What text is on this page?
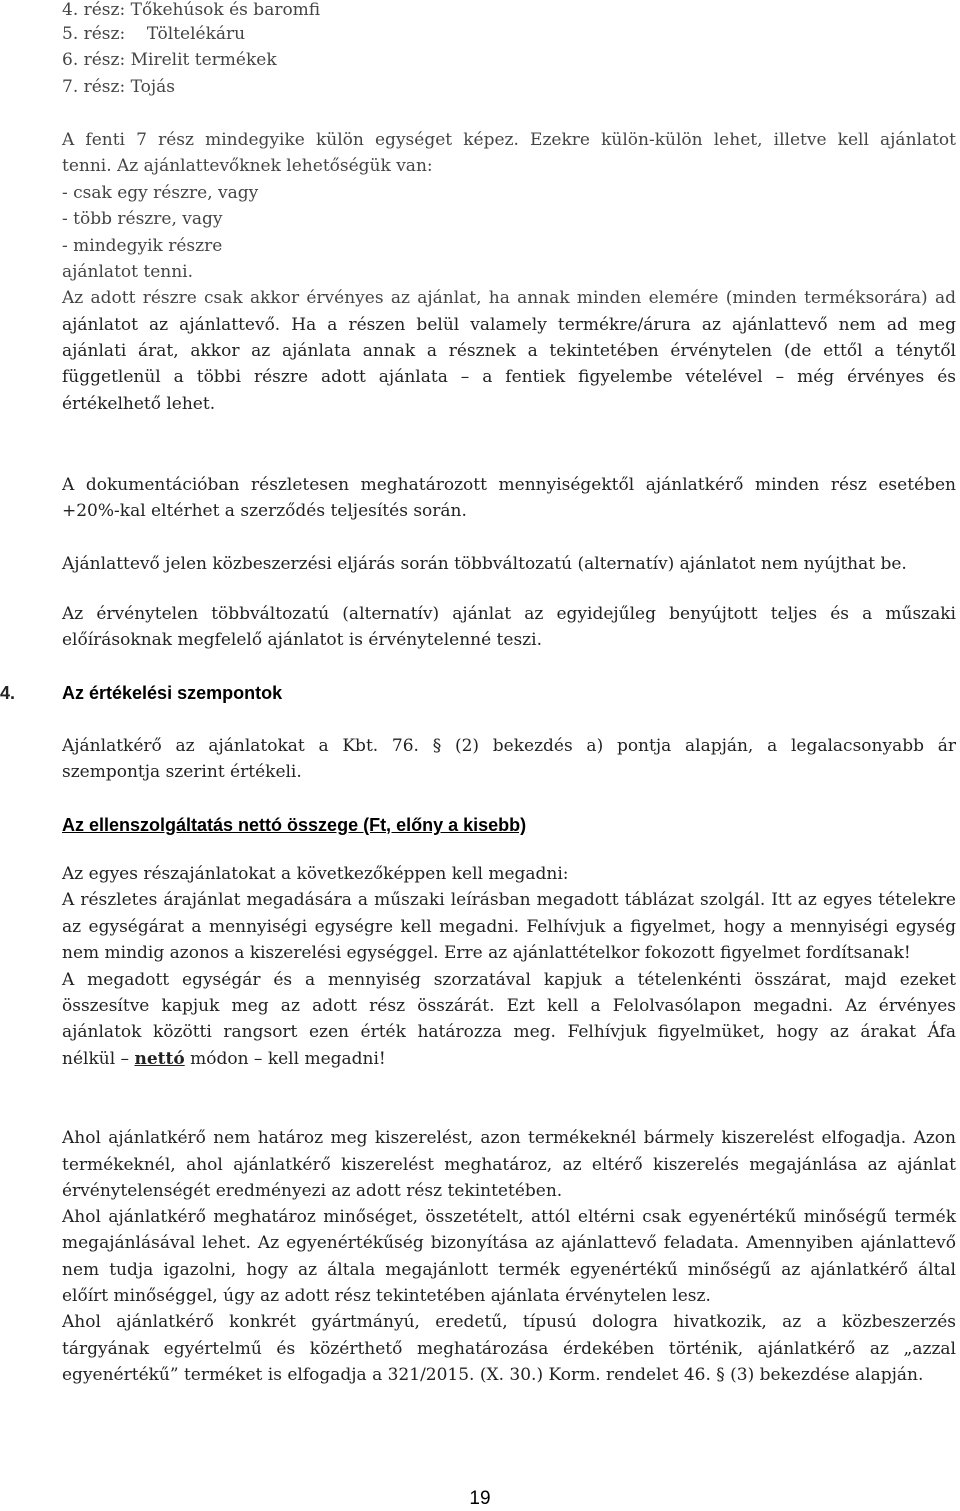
4. rész: Tőkehúsok és baromfi
5. rész:    Töltelékáru
6. rész: Mirelit termékek
7. rész: Tojás
A fenti 7 rész mindegyike külön egységet képez. Ezekre külön-külön lehet, illetve kell ajánlatot
tenni. Az ajánlattevőknek lehetőségük van:
- csak egy részre, vagy
- több részre, vagy
- mindegyik részre
ajánlatot tenni.
Az adott részre csak akkor érvényes az ajánlat, ha annak minden elemére (minden terméksorára) ad
ajánlatot az ajánlattevő. Ha a részen belül valamely termékre/árura az ajánlattevő nem ad meg
ajánlati árat, akkor az ajánlata annak a résznek a tekintetében érvénytelen (de ettől a ténytől
függetlenül a többi részre adott ajánlata – a fentiek figyelembe vételével – még érvényes és
értékelhető lehet.
A dokumentációban részletesen meghatározott mennyiségektől ajánlatkérő minden rész esetében
+20%-kal eltérhet a szerződés teljesítés során.
Ajánlattevő jelen közbeszerzési eljárás során többváltozatú (alternatív) ajánlatot nem nyújthat be.
Az érvénytelen többváltozatú (alternatív) ajánlat az egyidejűleg benyújtott teljes és a műszaki
előírásoknak megfelelő ajánlatot is érvénytelenné teszi.
4.	Az értékelési szempontok
Ajánlatkérő az ajánlatokat a Kbt. 76. § (2) bekezdés a) pontja alapján, a legalacsonyabb ár
szempontja szerint értékeli.
Az ellenszolgáltatás nettó összege (Ft, előny a kisebb)
Az egyes részajánlatokat a következőképpen kell megadni:
A részletes árajánlat megadására a műszaki leírásban megadott táblázat szolgál. Itt az egyes tételekre
az egységárat a mennyiségi egységre kell megadni. Felhívjuk a figyelmet, hogy a mennyiségi egység
nem mindig azonos a kiszerelési egységgel. Erre az ajánlattételkor fokozott figyelmet fordítsanak!
A megadott egységár és a mennyiség szorzatával kapjuk a tételenkénti összárat, majd ezeket
összesítve kapjuk meg az adott rész összárát. Ezt kell a Felolvasólapon megadni. Az érvényes
ajánlatok közötti rangsort ezen érték határozza meg. Felhívjuk figyelmüket, hogy az árakat Áfa
nélkül – nettó módon – kell megadni!
Ahol ajánlatkérő nem határoz meg kiszerelést, azon termékeknél bármely kiszerelést elfogadja. Azon
termékeknél, ahol ajánlatkérő kiszerelést meghatároz, az eltérő kiszerelés megajánlása az ajánlat
érvénytelenségét eredményezi az adott rész tekintetében.
Ahol ajánlatkérő meghatároz minőséget, összetételt, attól eltérni csak egyenértékű minőségű termék
megajánlásával lehet. Az egyenértékűség bizonyítása az ajánlattevő feladata. Amennyiben ajánlattevő
nem tudja igazolni, hogy az általa megajánlott termék egyenértékű minőségű az ajánlatkérő által
előírt minőséggel, úgy az adott rész tekintetében ajánlata érvénytelen lesz.
Ahol ajánlatkérő konkrét gyártmányú, eredetű, típusú dologra hivatkozik, az a közbeszerzés
tárgyának egyértelmű és közérthető meghatározása érdekében történik, ajánlatkérő az „azzal
egyenértékű” terméket is elfogadja a 321/2015. (X. 30.) Korm. rendelet 46. § (3) bekezdése alapján.
19
